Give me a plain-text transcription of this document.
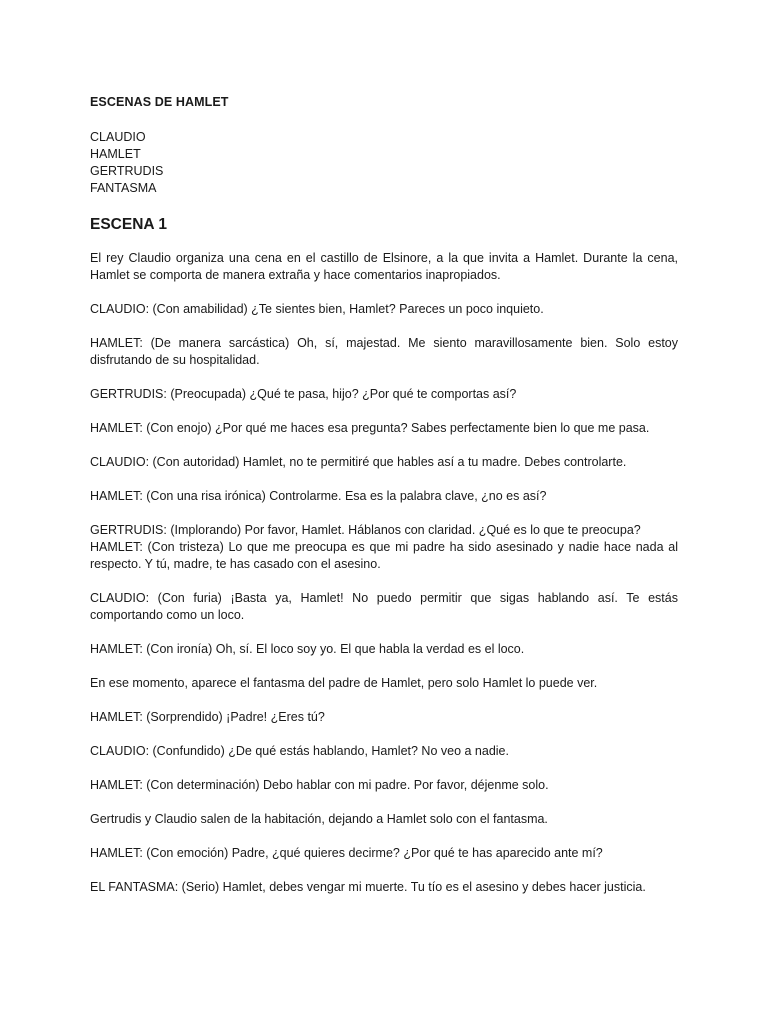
ESCENAS DE HAMLET
CLAUDIO
HAMLET
GERTRUDIS
FANTASMA
ESCENA 1

El rey Claudio organiza una cena en el castillo de Elsinore, a la que invita a Hamlet. Durante la cena, Hamlet se comporta de manera extraña y hace comentarios inapropiados.

CLAUDIO: (Con amabilidad) ¿Te sientes bien, Hamlet? Pareces un poco inquieto.

HAMLET: (De manera sarcástica) Oh, sí, majestad. Me siento maravillosamente bien. Solo estoy disfrutando de su hospitalidad.

GERTRUDIS: (Preocupada) ¿Qué te pasa, hijo? ¿Por qué te comportas así?

HAMLET: (Con enojo) ¿Por qué me haces esa pregunta? Sabes perfectamente bien lo que me pasa.

CLAUDIO: (Con autoridad) Hamlet, no te permitiré que hables así a tu madre. Debes controlarte.

HAMLET: (Con una risa irónica) Controlarme. Esa es la palabra clave, ¿no es así?

GERTRUDIS: (Implorando) Por favor, Hamlet. Háblanos con claridad. ¿Qué es lo que te preocupa?

HAMLET: (Con tristeza) Lo que me preocupa es que mi padre ha sido asesinado y nadie hace nada al respecto. Y tú, madre, te has casado con el asesino.

CLAUDIO: (Con furia) ¡Basta ya, Hamlet! No puedo permitir que sigas hablando así. Te estás comportando como un loco.

HAMLET: (Con ironía) Oh, sí. El loco soy yo. El que habla la verdad es el loco.

En ese momento, aparece el fantasma del padre de Hamlet, pero solo Hamlet lo puede ver.

HAMLET: (Sorprendido) ¡Padre! ¿Eres tú?

CLAUDIO: (Confundido) ¿De qué estás hablando, Hamlet? No veo a nadie.

HAMLET: (Con determinación) Debo hablar con mi padre. Por favor, déjenme solo.

Gertrudis y Claudio salen de la habitación, dejando a Hamlet solo con el fantasma.

HAMLET: (Con emoción) Padre, ¿qué quieres decirme? ¿Por qué te has aparecido ante mí?

EL FANTASMA: (Serio) Hamlet, debes vengar mi muerte. Tu tío es el asesino y debes hacer justicia.
